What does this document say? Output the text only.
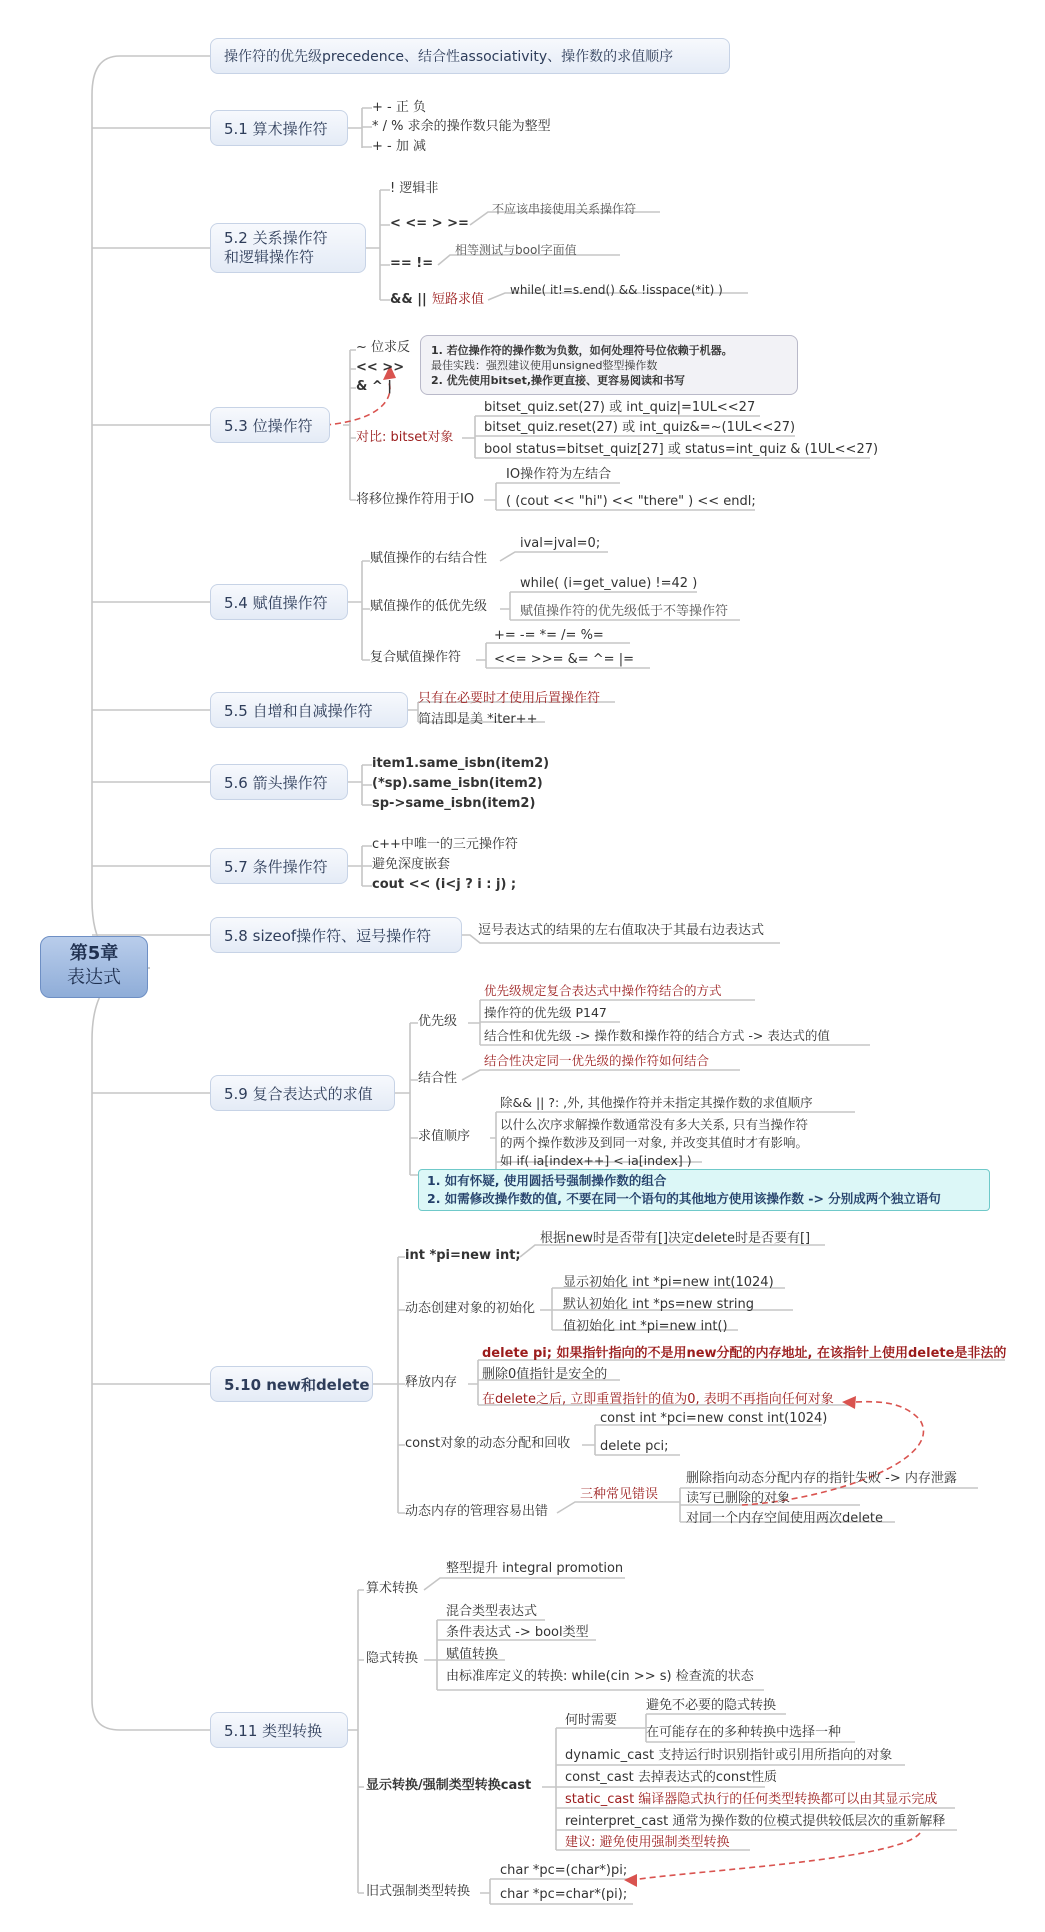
第5章
表达式
操作符的优先级precedence、结合性associativity、操作数的求值顺序
5.1 算术操作符
+ - 正 负
* / % 求余的操作数只能为整型
+ - 加 减
5.2 关系操作符
和逻辑操作符
! 逻辑非
< <= > >=
== !=
&& || 短路求值
不应该串接使用关系操作符
相等测试与bool字面值
while( it!=s.end() && !isspace(*it) )
5.3 位操作符
~ 位求反
<< >>
& ^ |
对比: bitset对象
将移位操作符用于IO
1. 若位操作符的操作数为负数，如何处理符号位依赖于机器。
最佳实践：强烈建议使用unsigned整型操作数
2. 优先使用bitset,操作更直接、更容易阅读和书写
bitset_quiz.set(27) 或 int_quiz|=1UL<<27
bitset_quiz.reset(27) 或 int_quiz&=~(1UL<<27)
bool status=bitset_quiz[27] 或 status=int_quiz & (1UL<<27)
IO操作符为左结合
( (cout << "hi") << "there" ) << endl;
5.4 赋值操作符
赋值操作的右结合性
赋值操作的低优先级
复合赋值操作符
ival=jval=0;
while( (i=get_value) !=42 )
赋值操作符的优先级低于不等操作符
+= -= *= /= %=
<<= >>= &= ^= |=
5.5 自增和自减操作符
只有在必要时才使用后置操作符
简洁即是美 *iter++
5.6 箭头操作符
item1.same_isbn(item2)
(*sp).same_isbn(item2)
sp->same_isbn(item2)
5.7 条件操作符
c++中唯一的三元操作符
避免深度嵌套
cout << (i<j ? i : j) ;
5.8 sizeof操作符、逗号操作符	逗号表达式的结果的左右值取决于其最右边表达式
5.9 复合表达式的求值
优先级
结合性
求值顺序
优先级规定复合表达式中操作符结合的方式
操作符的优先级 P147
结合性和优先级 -> 操作数和操作符的结合方式 -> 表达式的值
结合性决定同一优先级的操作符如何结合
除&& || ?: ,外, 其他操作符并未指定其操作数的求值顺序
以什么次序求解操作数通常没有多大关系, 只有当操作符
的两个操作数涉及到同一对象, 并改变其值时才有影响。
如 if( ia[index++] < ia[index] )
1. 如有怀疑, 使用圆括号强制操作数的组合
2. 如需修改操作数的值, 不要在同一个语句的其他地方使用该操作数 -> 分别成两个独立语句
5.10 new和delete
int *pi=new int;
动态创建对象的初始化
释放内存
const对象的动态分配和回收
动态内存的管理容易出错
根据new时是否带有[]决定delete时是否要有[]
显示初始化 int *pi=new int(1024)
默认初始化 int *ps=new string
值初始化 int *pi=new int()
delete pi; 如果指针指向的不是用new分配的内存地址, 在该指针上使用delete是非法的
删除0值指针是安全的
在delete之后, 立即重置指针的值为0, 表明不再指向任何对象
const int *pci=new const int(1024)
delete pci;
三种常见错误
删除指向动态分配内存的指针失败 -> 内存泄露
读写已删除的对象
对同一个内存空间使用两次delete
5.11 类型转换
算术转换
隐式转换
显示转换/强制类型转换cast
旧式强制类型转换
整型提升 integral promotion
混合类型表达式
条件表达式 -> bool类型
赋值转换
由标准库定义的转换: while(cin >> s) 检查流的状态
何时需要
避免不必要的隐式转换
在可能存在的多种转换中选择一种
dynamic_cast 支持运行时识别指针或引用所指向的对象
const_cast 去掉表达式的const性质
static_cast 编译器隐式执行的任何类型转换都可以由其显示完成
reinterpret_cast 通常为操作数的位模式提供较低层次的重新解释
建议: 避免使用强制类型转换
char *pc=(char*)pi;
char *pc=char*(pi);
